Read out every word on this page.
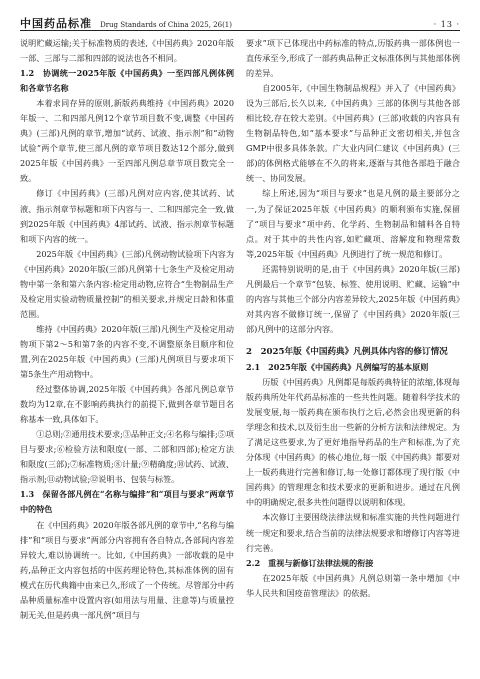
中国药品标准 Drug Standards of China 2025, 26(1)	· 13 ·

说明贮藏运输;关于标准物质的表述,《中国药典》2020年版一部、三部与二部和四部的说法也各不相同。

1.2　协调统一2025年版《中国药典》一至四部凡例体例和各章节名称

本着求同存异的原则,新版药典维持《中国药典》2020年版一、二和四部凡例12个章节项目数不变,调整《中国药典》(三部)凡例的章节,增加“试药、试液、指示剂”和“动物试验”两个章节,使三部凡例的章节项目数达12个部分,做到2025年版《中国药典》一至四部凡例总章节项目数完全一致。

修订《中国药典》(三部)凡例对应内容,使其试药、试液、指示剂章节标题和项下内容与一、二和四部完全一致,做到2025年版《中国药典》4部试药、试液、指示剂章节标题和项下内容的统一。

2025年版《中国药典》(三部)凡例动物试验项下内容为《中国药典》2020年版(三部)凡例第十七条生产及检定用动物中第一条和第六条内容:检定用动物,应符合“生物制品生产及检定用实验动物质量控制”的相关要求,并规定日龄和体重范围。

维持《中国药典》2020年版(三部)凡例生产及检定用动物项下第2～5和第7条的内容不变,不调整原条目顺序和位置,列在2025年版《中国药典》(三部)凡例项目与要求项下第5条生产用动物中。

经过整体协调,2025年版《中国药典》各部凡例总章节数均为12章,在不影响药典执行的前提下,做到各章节题目名称基本一致,具体如下。

①总则;②通用技术要求;③品种正文;④名称与编排;⑤项目与要求;⑥检验方法和限度(一部、二部和四部);检定方法和限度(三部);⑦标准物质;⑧计量;⑨精确度;⑩试药、试液、指示剂;⑪动物试验;⑫说明书、包装与标签。

1.3　保留各部凡例在“名称与编排”和“项目与要求”两章节中的特色

在《中国药典》2020年版各部凡例的章节中,“名称与编排”和“项目与要求”两部分内容拥有各自特点,各部间内容差异较大,难以协调统一。比如,《中国药典》一部收载的是中药,品种正文内容包括的中医药理论特色,其标准体例的固有模式在历代典籍中由来已久,形成了一个传统。尽管部分中药品种质量标准中设置内容(如用法与用量、注意等)与质量控制无关,但是药典一部凡例“项目与

要求”项下已体现出中药标准的特点,历版药典一部体例也一直传承至今,形成了一部药典品种正文标准体例与其他部体例的差异。

自2005年,《中国生物制品规程》并入了《中国药典》设为三部后,长久以来,《中国药典》三部的体例与其他各部相比较,存在较大差别。《中国药典》(三部)收载的内容具有生物制品特色,如“基本要求”与品种正文密切相关,并包含GMP中很多具体条款。广大业内同仁建议《中国药典》(三部)的体例格式能够在不久的将来,逐渐与其他各部趋于融合统一、协同发展。

综上所述,因为“项目与要求”也是凡例的最主要部分之一,为了保证2025年版《中国药典》的顺利颁布实施,保留了“项目与要求”项中药、化学药、生物制品和辅料各自特点。对于其中的共性内容,如贮藏项、溶解度和物理常数等,2025年版《中国药典》凡例进行了统一规范和修订。

还需特别说明的是,由于《中国药典》2020年版(三部)凡例最后一个章节“包装、标签、使用说明、贮藏、运输”中的内容与其他三个部分内容差异较大,2025年版《中国药典》对其内容不做修订统一,保留了《中国药典》2020年版(三部)凡例中的这部分内容。

2　2025年版《中国药典》凡例具体内容的修订情况
2.1　2025年版《中国药典》凡例编写的基本原则

历版《中国药典》凡例都是每版药典特征的浓缩,体现每版药典所处年代药品标准的一些共性问题。随着科学技术的发展变展,每一版药典在颁布执行之后,必然会出现更新的科学理念和技术,以及衍生出一些新的分析方法和法律规定。为了满足这些要求,为了更好地指导药品的生产和标准,为了充分体现《中国药典》的核心地位,每一版《中国药典》都要对上一版药典进行完善和修订,每一处修订都体现了现行版《中国药典》的管理理念和技术要求的更新和进步。通过在凡例中的明确规定,很多共性问题得以说明和体现。

本次修订主要围绕法律法规和标准实施的共性问题进行统一规定和要求,结合当前的法律法规要求和增修订内容等进行完善。

2.2　重视与新修订法律法规的衔接

在2025年版《中国药典》凡例总则第一条中增加《中华人民共和国疫苗管理法》的依据。
